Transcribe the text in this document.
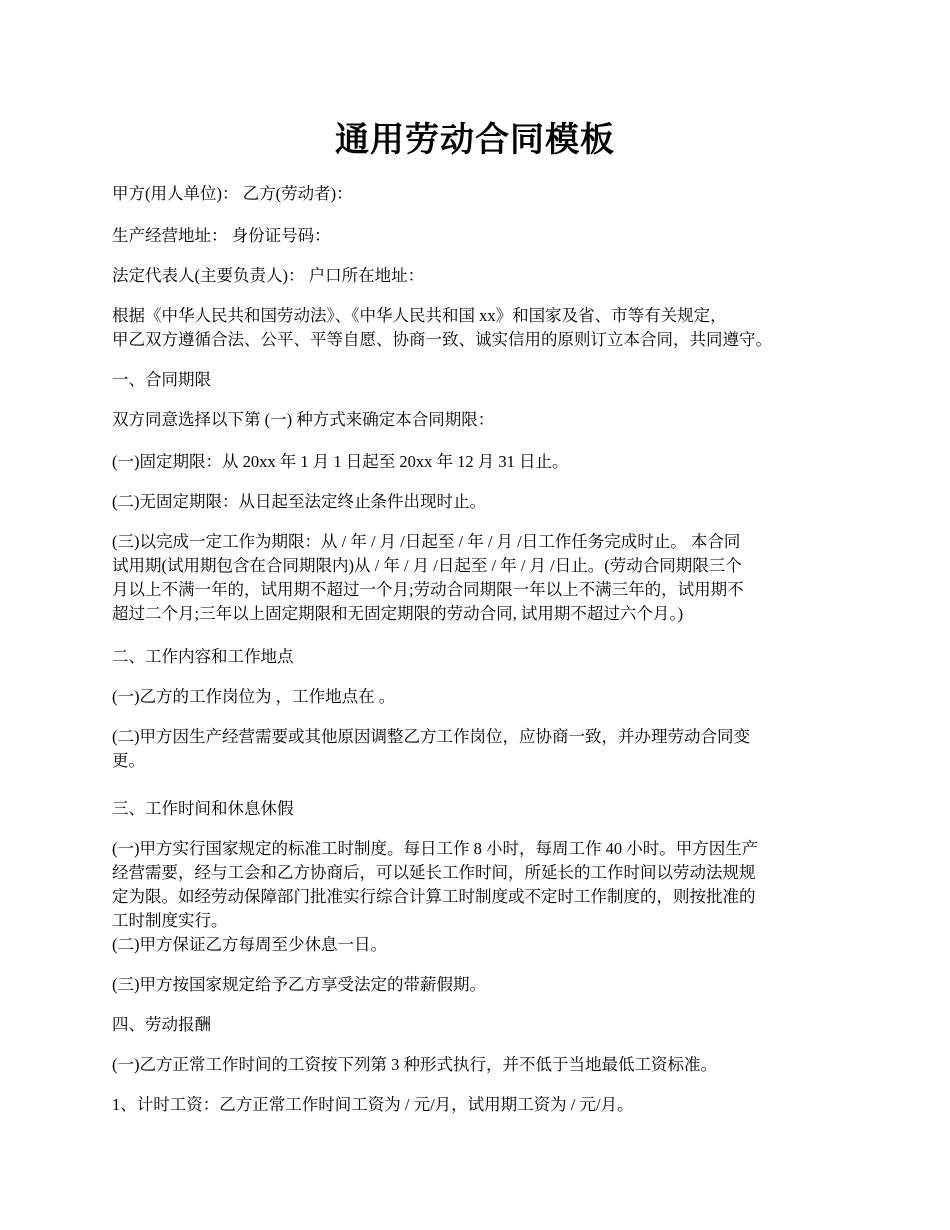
通用劳动合同模板
甲方(用人单位)： 乙方(劳动者)：
生产经营地址： 身份证号码：
法定代表人(主要负责人)： 户口所在地址：
根据《中华人民共和国劳动法》、《中华人民共和国 xx》和国家及省、市等有关规定，
甲乙双方遵循合法、公平、平等自愿、协商一致、诚实信用的原则订立本合同，共同遵守。
一、合同期限
双方同意选择以下第 (一) 种方式来确定本合同期限：
(一)固定期限：从 20xx 年 1 月 1 日起至 20xx 年 12 月 31 日止。
(二)无固定期限：从日起至法定终止条件出现时止。
(三)以完成一定工作为期限：从 / 年 / 月 /日起至 / 年 / 月 /日工作任务完成时止。 本合同
试用期(试用期包含在合同期限内)从 / 年 / 月 /日起至 / 年 / 月 /日止。(劳动合同期限三个
月以上不满一年的，试用期不超过一个月;劳动合同期限一年以上不满三年的，试用期不
超过二个月;三年以上固定期限和无固定期限的劳动合同, 试用期不超过六个月。)
二、工作内容和工作地点
(一)乙方的工作岗位为 ，工作地点在 。
(二)甲方因生产经营需要或其他原因调整乙方工作岗位，应协商一致，并办理劳动合同变
更。
三、工作时间和休息休假
(一)甲方实行国家规定的标准工时制度。每日工作 8 小时，每周工作 40 小时。甲方因生产
经营需要，经与工会和乙方协商后，可以延长工作时间，所延长的工作时间以劳动法规规
定为限。如经劳动保障部门批准实行综合计算工时制度或不定时工作制度的，则按批准的
工时制度实行。
(二)甲方保证乙方每周至少休息一日。
(三)甲方按国家规定给予乙方享受法定的带薪假期。
四、劳动报酬
(一)乙方正常工作时间的工资按下列第 3 种形式执行，并不低于当地最低工资标准。
1、计时工资：乙方正常工作时间工资为 / 元/月，试用期工资为 / 元/月。
